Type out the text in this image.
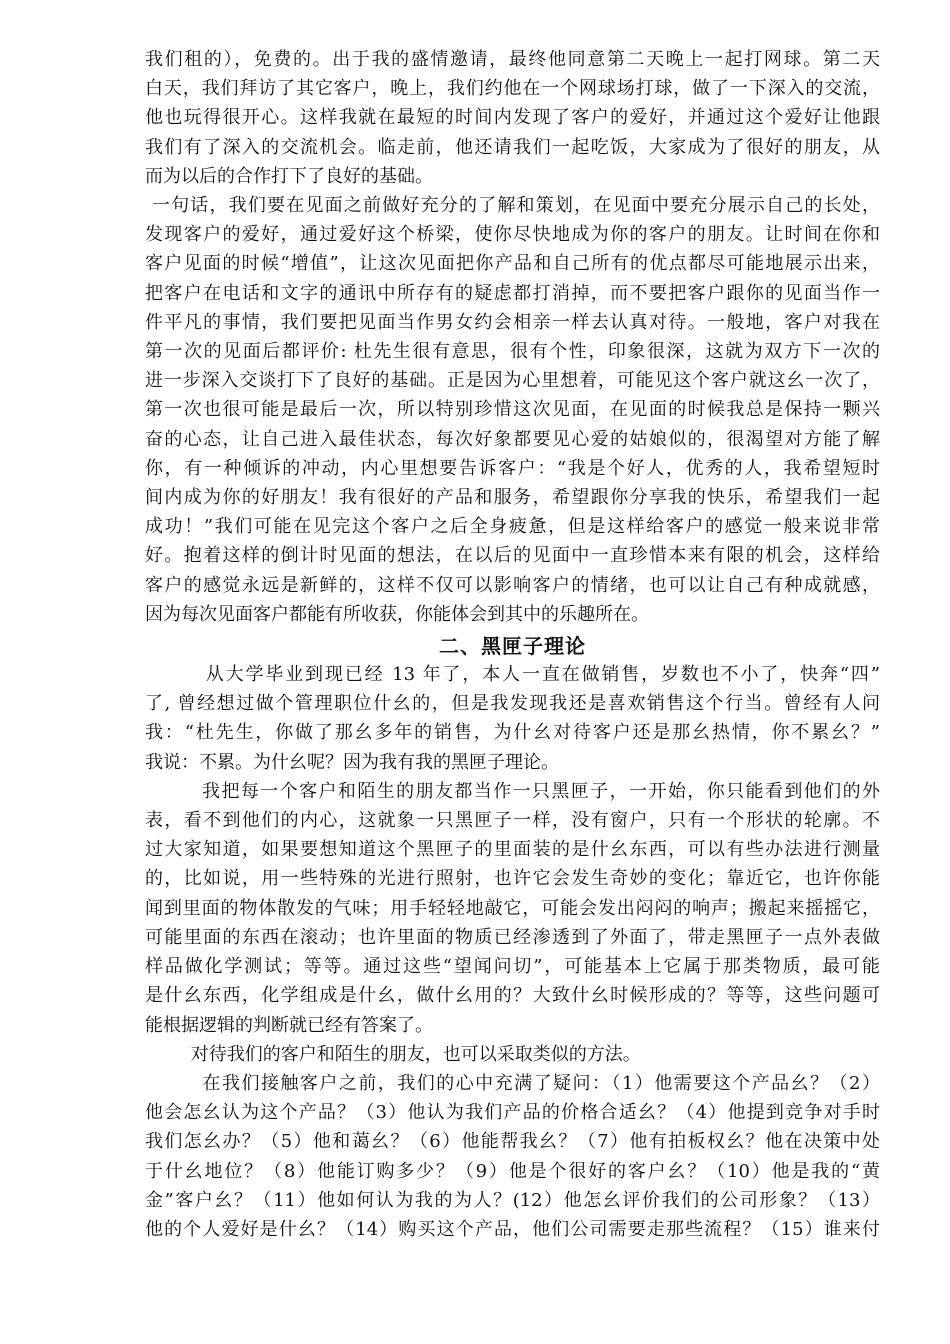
我们租的），免费的。出于我的盛情邀请，最终他同意第二天晚上一起打网球。第二天
白天，我们拜访了其它客户，晚上，我们约他在一个网球场打球，做了一下深入的交流，
他也玩得很开心。这样我就在最短的时间内发现了客户的爱好，并通过这个爱好让他跟
我们有了深入的交流机会。临走前，他还请我们一起吃饭，大家成为了很好的朋友，从
而为以后的合作打下了良好的基础。
一句话，我们要在见面之前做好充分的了解和策划，在见面中要充分展示自己的长处，
发现客户的爱好，通过爱好这个桥梁，使你尽快地成为你的客户的朋友。让时间在你和
客户见面的时候“增值”，让这次见面把你产品和自己所有的优点都尽可能地展示出来，
把客户在电话和文字的通讯中所存有的疑虑都打消掉，而不要把客户跟你的见面当作一
件平凡的事情，我们要把见面当作男女约会相亲一样去认真对待。一般地，客户对我在
第一次的见面后都评价: 杜先生很有意思，很有个性，印象很深，这就为双方下一次的
进一步深入交谈打下了良好的基础。正是因为心里想着，可能见这个客户就这幺一次了，
第一次也很可能是最后一次，所以特别珍惜这次见面，在见面的时候我总是保持一颗兴
奋的心态，让自己进入最佳状态，每次好象都要见心爱的姑娘似的，很渴望对方能了解
你，有一种倾诉的冲动，内心里想要告诉客户：“我是个好人，优秀的人，我希望短时
间内成为你的好朋友！我有很好的产品和服务，希望跟你分享我的快乐，希望我们一起
成功！”我们可能在见完这个客户之后全身疲惫，但是这样给客户的感觉一般来说非常
好。抱着这样的倒计时见面的想法，在以后的见面中一直珍惜本来有限的机会，这样给
客户的感觉永远是新鲜的，这样不仅可以影响客户的情绪，也可以让自己有种成就感，
因为每次见面客户都能有所收获，你能体会到其中的乐趣所在。
二、黑匣子理论
从大学毕业到现已经 13 年了，本人一直在做销售，岁数也不小了，快奔“四”
了, 曾经想过做个管理职位什幺的，但是我发现我还是喜欢销售这个行当。曾经有人问
我：“杜先生，你做了那幺多年的销售，为什幺对待客户还是那幺热情，你不累幺？”
我说：不累。为什幺呢？因为我有我的黑匣子理论。
我把每一个客户和陌生的朋友都当作一只黑匣子，一开始，你只能看到他们的外
表，看不到他们的内心，这就象一只黑匣子一样，没有窗户，只有一个形状的轮廓。不
过大家知道，如果要想知道这个黑匣子的里面装的是什幺东西，可以有些办法进行测量
的，比如说，用一些特殊的光进行照射，也许它会发生奇妙的变化；靠近它，也许你能
闻到里面的物体散发的气味；用手轻轻地敲它，可能会发出闷闷的响声；搬起来摇摇它，
可能里面的东西在滚动；也许里面的物质已经渗透到了外面了，带走黑匣子一点外表做
样品做化学测试；等等。通过这些“望闻问切”，可能基本上它属于那类物质，最可能
是什幺东西，化学组成是什幺，做什幺用的？大致什幺时候形成的？等等，这些问题可
能根据逻辑的判断就已经有答案了。
对待我们的客户和陌生的朋友，也可以采取类似的方法。
在我们接触客户之前，我们的心中充满了疑问：（1）他需要这个产品幺？（2）
他会怎幺认为这个产品？（3）他认为我们产品的价格合适幺？（4）他提到竞争对手时
我们怎幺办？（5）他和蔼幺？（6）他能帮我幺？（7）他有拍板权幺？他在决策中处
于什幺地位？（8）他能订购多少？（9）他是个很好的客户幺？（10）他是我的“黄
金”客户幺？（11）他如何认为我的为人？(12）他怎幺评价我们的公司形象？（13）
他的个人爱好是什幺？（14）购买这个产品，他们公司需要走那些流程？（15）谁来付
